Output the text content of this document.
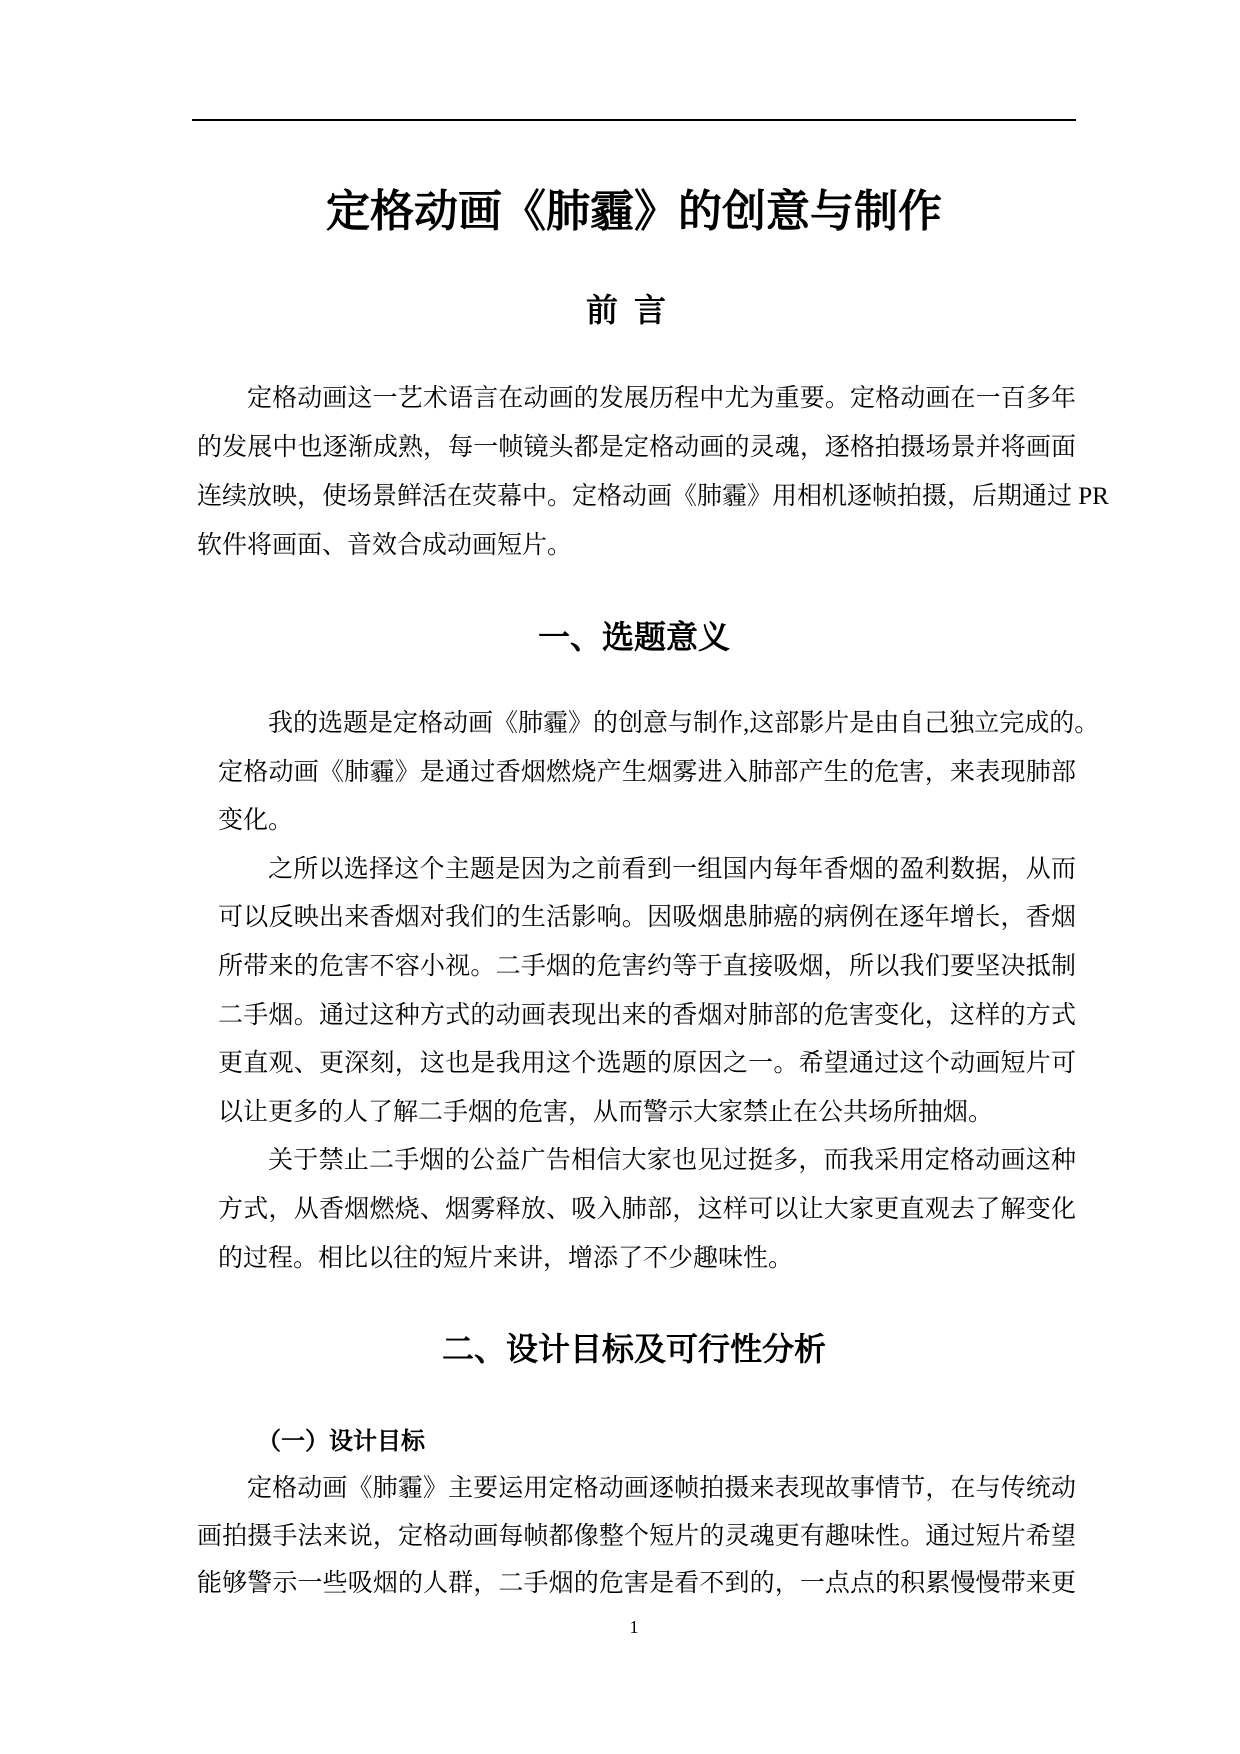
定格动画《肺霾》的创意与制作
前言
一、选题意义
二、设计目标及可行性分析
（一）设计目标
定格动画这一艺术语言在动画的发展历程中尤为重要。定格动画在一百多年
的发展中也逐渐成熟，每一帧镜头都是定格动画的灵魂，逐格拍摄场景并将画面
连续放映，使场景鲜活在荧幕中。定格动画《肺霾》用相机逐帧拍摄，后期通过 PR
软件将画面、音效合成动画短片。
我的选题是定格动画《肺霾》的创意与制作,这部影片是由自己独立完成的。
定格动画《肺霾》是通过香烟燃烧产生烟雾进入肺部产生的危害，来表现肺部
变化。
之所以选择这个主题是因为之前看到一组国内每年香烟的盈利数据，从而
可以反映出来香烟对我们的生活影响。因吸烟患肺癌的病例在逐年增长，香烟
所带来的危害不容小视。二手烟的危害约等于直接吸烟，所以我们要坚决抵制
二手烟。通过这种方式的动画表现出来的香烟对肺部的危害变化，这样的方式
更直观、更深刻，这也是我用这个选题的原因之一。希望通过这个动画短片可
以让更多的人了解二手烟的危害，从而警示大家禁止在公共场所抽烟。
关于禁止二手烟的公益广告相信大家也见过挺多，而我采用定格动画这种
方式，从香烟燃烧、烟雾释放、吸入肺部，这样可以让大家更直观去了解变化
的过程。相比以往的短片来讲，增添了不少趣味性。
定格动画《肺霾》主要运用定格动画逐帧拍摄来表现故事情节，在与传统动
画拍摄手法来说，定格动画每帧都像整个短片的灵魂更有趣味性。通过短片希望
能够警示一些吸烟的人群，二手烟的危害是看不到的，一点点的积累慢慢带来更
1
